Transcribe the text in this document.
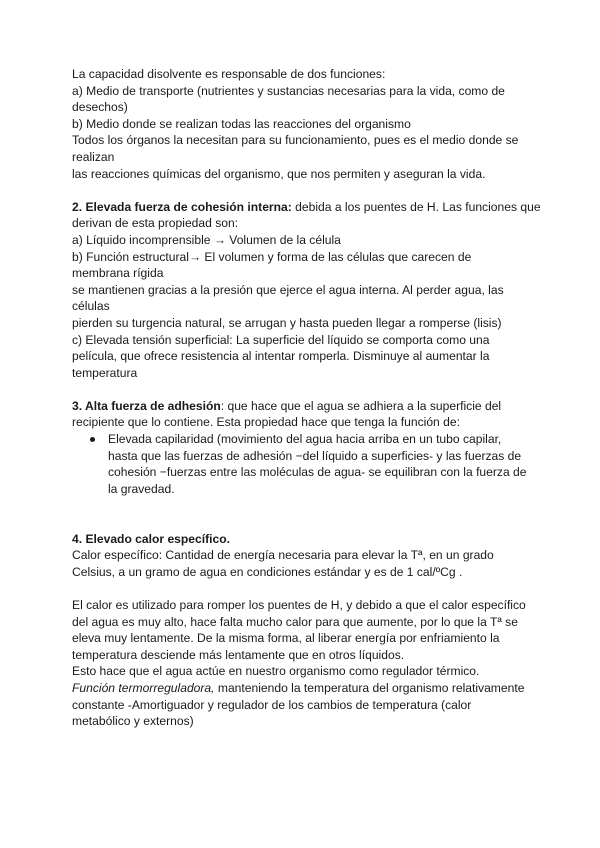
La capacidad disolvente es responsable de dos funciones:
a) Medio de transporte (nutrientes y sustancias necesarias para la vida, como de
desechos)
b) Medio donde se realizan todas las reacciones del organismo
Todos los órganos la necesitan para su funcionamiento, pues es el medio donde se
realizan
las reacciones químicas del organismo, que nos permiten y aseguran la vida.
2. Elevada fuerza de cohesión interna: debida a los puentes de H. Las funciones que
derivan de esta propiedad son:
a) Líquido incomprensible → Volumen de la célula
b) Función estructural→ El volumen y forma de las células que carecen de
membrana rígida
se mantienen gracias a la presión que ejerce el agua interna. Al perder agua, las
células
pierden su turgencia natural, se arrugan y hasta pueden llegar a romperse (lisis)
c) Elevada tensión superficial: La superficie del líquido se comporta como una
película, que ofrece resistencia al intentar romperla. Disminuye al aumentar la
temperatura
3. Alta fuerza de adhesión: que hace que el agua se adhiera a la superficie del
recipiente que lo contiene. Esta propiedad hace que tenga la función de:
Elevada capilaridad (movimiento del agua hacia arriba en un tubo capilar,
hasta que las fuerzas de adhesión −del líquido a superficies- y las fuerzas de
cohesión −fuerzas entre las moléculas de agua- se equilibran con la fuerza de
la gravedad.
4. Elevado calor específico.
Calor específico: Cantidad de energía necesaria para elevar la Tª, en un grado
Celsius, a un gramo de agua en condiciones estándar y es de 1 cal/ºCg .
El calor es utilizado para romper los puentes de H, y debido a que el calor específico
del agua es muy alto, hace falta mucho calor para que aumente, por lo que la Tª se
eleva muy lentamente. De la misma forma, al liberar energía por enfriamiento la
temperatura desciende más lentamente que en otros líquidos.
Esto hace que el agua actúe en nuestro organismo como regulador térmico.
Función termorreguladora, manteniendo la temperatura del organismo relativamente
constante -Amortiguador y regulador de los cambios de temperatura (calor
metabólico y externos)
